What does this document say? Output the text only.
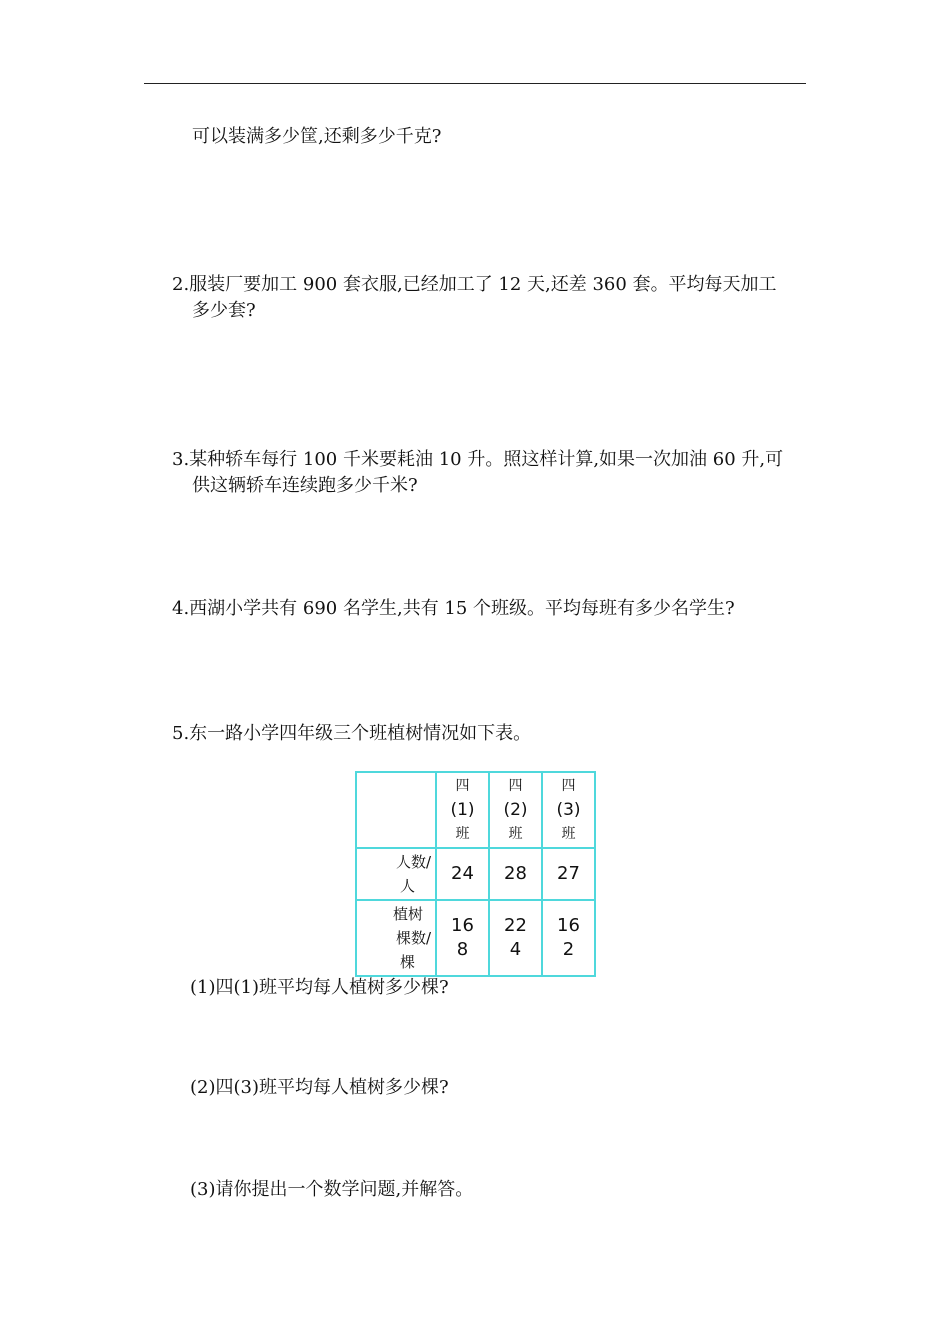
可以装满多少筐,还剩多少千克?
2.服装厂要加工 900 套衣服,已经加工了 12 天,还差 360 套。平均每天加工
多少套?
3.某种轿车每行 100 千米要耗油 10 升。照这样计算,如果一次加油 60 升,可
供这辆轿车连续跑多少千米?
4.西湖小学共有 690 名学生,共有 15 个班级。平均每班有多少名学生?
5.东一路小学四年级三个班植树情况如下表。

	四
(1)
班	四
(2)
班	四
(3)
班

人数/
人	24	28	27

植树
棵数/
棵	16
8	22
4	16
2
(1)四(1)班平均每人植树多少棵?
(2)四(3)班平均每人植树多少棵?
(3)请你提出一个数学问题,并解答。
